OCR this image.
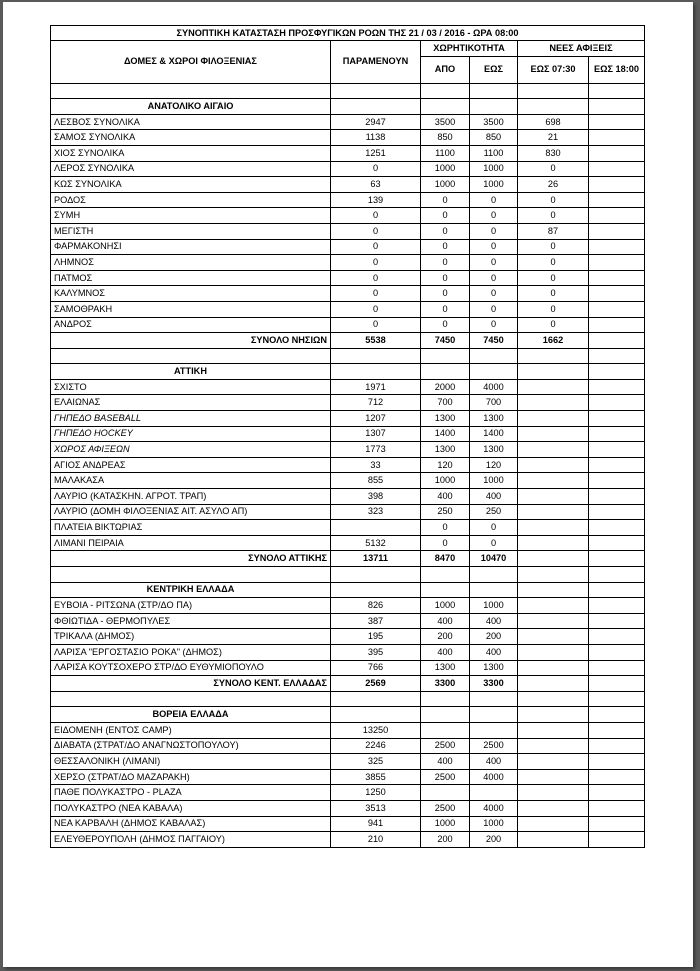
ΣΥΝΟΠΤΙΚΗ ΚΑΤΑΣΤΑΣΗ ΠΡΟΣΦΥΓΙΚΩΝ ΡΟΩΝ ΤΗΣ 21 / 03 / 2016 - ΩΡΑ 08:00					
ΔΟΜΕΣ & ΧΩΡΟΙ ΦΙΛΟΞΕΝΙΑΣ	ΠΑΡΑΜΕΝΟΥΝ	ΧΩΡΗΤΙΚΟΤΗΤΑ		ΝΕΕΣ ΑΦΙΞΕΙΣ	
		ΑΠΟ	ΕΩΣ	ΕΩΣ 07:30	ΕΩΣ 18:00

ΑΝΑΤΟΛΙΚΟ ΑΙΓΑΙΟ					
ΛΕΣΒΟΣ ΣΥΝΟΛΙΚΑ	2947	3500	3500	698	
ΣΑΜΟΣ ΣΥΝΟΛΙΚΑ	1138	850	850	21	
ΧΙΟΣ ΣΥΝΟΛΙΚΑ	1251	1100	1100	830	
ΛΕΡΟΣ ΣΥΝΟΛΙΚΑ	0	1000	1000	0	
ΚΩΣ ΣΥΝΟΛΙΚΑ	63	1000	1000	26	
ΡΟΔΟΣ	139	0	0	0	
ΣΥΜΗ	0	0	0	0	
ΜΕΓΙΣΤΗ	0	0	0	87	
ΦΑΡΜΑΚΟΝΗΣΙ	0	0	0	0	
ΛΗΜΝΟΣ	0	0	0	0	
ΠΑΤΜΟΣ	0	0	0	0	
ΚΑΛΥΜΝΟΣ	0	0	0	0	
ΣΑΜΟΘΡΑΚΗ	0	0	0	0	
ΑΝΔΡΟΣ	0	0	0	0	
ΣΥΝΟΛΟ ΝΗΣΙΩΝ	5538	7450	7450	1662	

ΑΤΤΙΚΗ					
ΣΧΙΣΤΟ	1971	2000	4000		
ΕΛΑΙΩΝΑΣ	712	700	700		
ΓΗΠΕΔΟ BASEBALL	1207	1300	1300		
ΓΗΠΕΔΟ HOCKEY	1307	1400	1400		
ΧΩΡΟΣ ΑΦΙΞΕΩΝ	1773	1300	1300		
ΑΓΙΟΣ ΑΝΔΡΕΑΣ	33	120	120		
ΜΑΛΑΚΑΣΑ	855	1000	1000		
ΛΑΥΡΙΟ (ΚΑΤΑΣΚΗΝ. ΑΓΡΟΤ. ΤΡΑΠ)	398	400	400		
ΛΑΥΡΙΟ (ΔΟΜΗ ΦΙΛΟΞΕΝΙΑΣ ΑΙΤ. ΑΣΥΛΟ ΑΠ)	323	250	250		
ΠΛΑΤΕΙΑ ΒΙΚΤΩΡΙΑΣ		0	0		
ΛΙΜΑΝΙ ΠΕΙΡΑΙΑ	5132	0	0		
ΣΥΝΟΛΟ ΑΤΤΙΚΗΣ	13711	8470	10470		

ΚΕΝΤΡΙΚΗ ΕΛΛΑΔΑ					
ΕΥΒΟΙΑ - ΡΙΤΣΩΝΑ (ΣΤΡ/ΔΟ ΠΑ)	826	1000	1000		
ΦΘΙΩΤΙΔΑ - ΘΕΡΜΟΠΥΛΕΣ	387	400	400		
ΤΡΙΚΑΛΑ (ΔΗΜΟΣ)	195	200	200		
ΛΑΡΙΣΑ "ΕΡΓΟΣΤΑΣΙΟ ΡΟΚΑ" (ΔΗΜΟΣ)	395	400	400		
ΛΑΡΙΣΑ ΚΟΥΤΣΟΧΕΡΟ ΣΤΡ/ΔΟ ΕΥΘΥΜΙΟΠΟΥΛΟ	766	1300	1300		
ΣΥΝΟΛΟ ΚΕΝΤ. ΕΛΛΑΔΑΣ	2569	3300	3300		

ΒΟΡΕΙΑ ΕΛΛΑΔΑ					
ΕΙΔΟΜΕΝΗ (ΕΝΤΟΣ CAMP)	13250				
ΔΙΑΒΑΤΑ (ΣΤΡΑΤ/ΔΟ ΑΝΑΓΝΩΣΤΟΠΟΥΛΟΥ)	2246	2500	2500		
ΘΕΣΣΑΛΟΝΙΚΗ (ΛΙΜΑΝΙ)	325	400	400		
ΧΕΡΣΟ (ΣΤΡΑΤ/ΔΟ ΜΑΖΑΡΑΚΗ)	3855	2500	4000		
ΠΑΘΕ ΠΟΛΥΚΑΣΤΡΟ - PLAZA	1250				
ΠΟΛΥΚΑΣΤΡΟ (ΝΕΑ ΚΑΒΑΛΑ)	3513	2500	4000		
ΝΕΑ ΚΑΡΒΑΛΗ (ΔΗΜΟΣ ΚΑΒΑΛΑΣ)	941	1000	1000		
ΕΛΕΥΘΕΡΟΥΠΟΛΗ (ΔΗΜΟΣ ΠΑΓΓΑΙΟΥ)	210	200	200		
